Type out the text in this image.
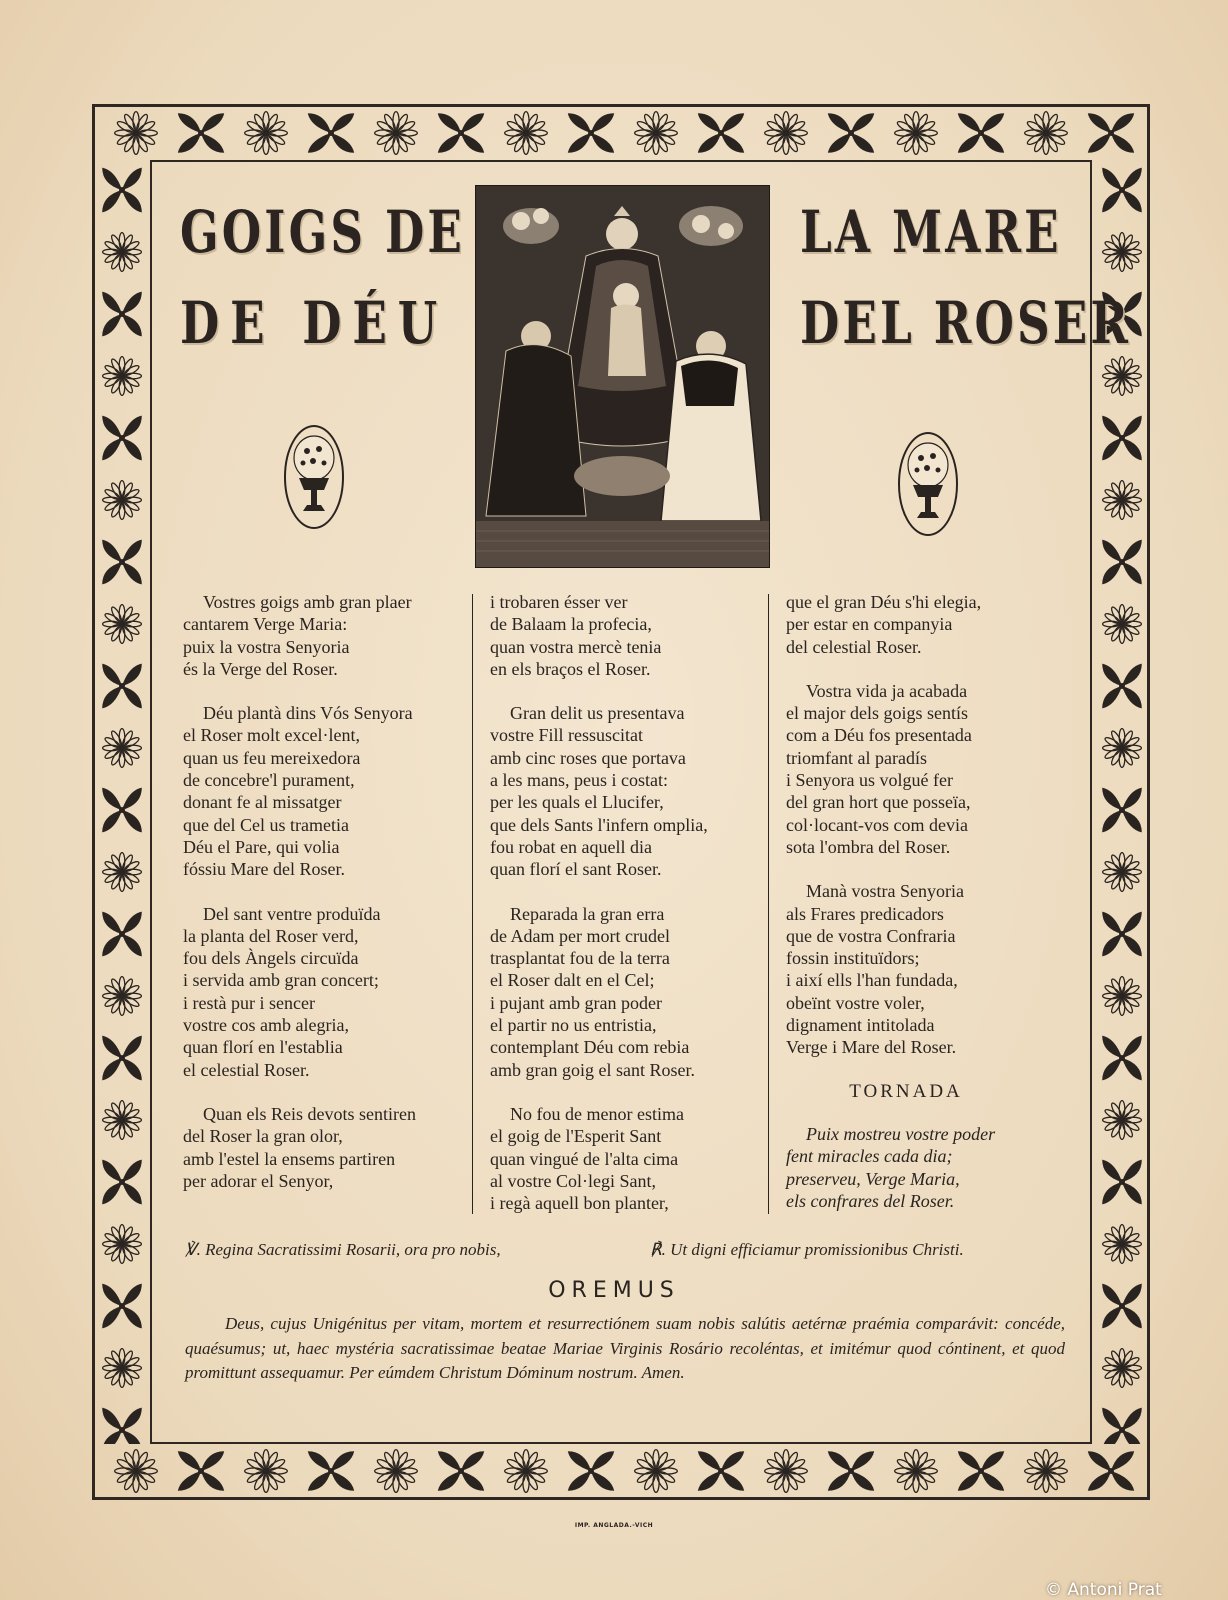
GOIGS DE	LA MARE
DE DÉU	DEL ROSER
Vostres goigs amb gran plaer
cantarem Verge Maria:
puix la vostra Senyoria
és la Verge del Roser.
Déu plantà dins Vós Senyora
el Roser molt excel·lent,
quan us feu mereixedora
de concebre'l purament,
donant fe al missatger
que del Cel us trametia
Déu el Pare, qui volia
fóssiu Mare del Roser.
Del sant ventre produïda
la planta del Roser verd,
fou dels Àngels circuïda
i servida amb gran concert;
i restà pur i sencer
vostre cos amb alegria,
quan florí en l'establia
el celestial Roser.
Quan els Reis devots sentiren
del Roser la gran olor,
amb l'estel la ensems partiren
per adorar el Senyor,
i trobaren ésser ver
de Balaam la profecia,
quan vostra mercè tenia
en els braços el Roser.
Gran delit us presentava
vostre Fill ressuscitat
amb cinc roses que portava
a les mans, peus i costat:
per les quals el Llucifer,
que dels Sants l'infern omplia,
fou robat en aquell dia
quan florí el sant Roser.
Reparada la gran erra
de Adam per mort crudel
trasplantat fou de la terra
el Roser dalt en el Cel;
i pujant amb gran poder
el partir no us entristia,
contemplant Déu com rebia
amb gran goig el sant Roser.
No fou de menor estima
el goig de l'Esperit Sant
quan vingué de l'alta cima
al vostre Col·legi Sant,
i regà aquell bon planter,
que el gran Déu s'hi elegia,
per estar en companyia
del celestial Roser.
Vostra vida ja acabada
el major dels goigs sentís
com a Déu fos presentada
triomfant al paradís
i Senyora us volgué fer
del gran hort que posseïa,
col·locant-vos com devia
sota l'ombra del Roser.
Manà vostra Senyoria
als Frares predicadors
que de vostra Confraria
fossin instituïdors;
i així ells l'han fundada,
obeïnt vostre voler,
dignament intitolada
Verge i Mare del Roser.
TORNADA
Puix mostreu vostre poder
fent miracles cada dia;
preserveu, Verge Maria,
els confrares del Roser.
℣. Regina Sacratissimi Rosarii, ora pro nobis,	℟. Ut digni efficiamur promissionibus Christi.
OREMUS
Deus, cujus Unigénitus per vitam, mortem et resurrectiónem suam nobis salútis aetérnæ praémia comparávit: concéde, quaésumus; ut, haec mystéria sacratissimae beatae Mariae Virginis Rosário recoléntas, et imitémur quod cóntinent, et quod promittunt assequamur. Per eúmdem Christum Dóminum nostrum. Amen.
IMP. ANGLADA.-VICH
© Antoni Prat
